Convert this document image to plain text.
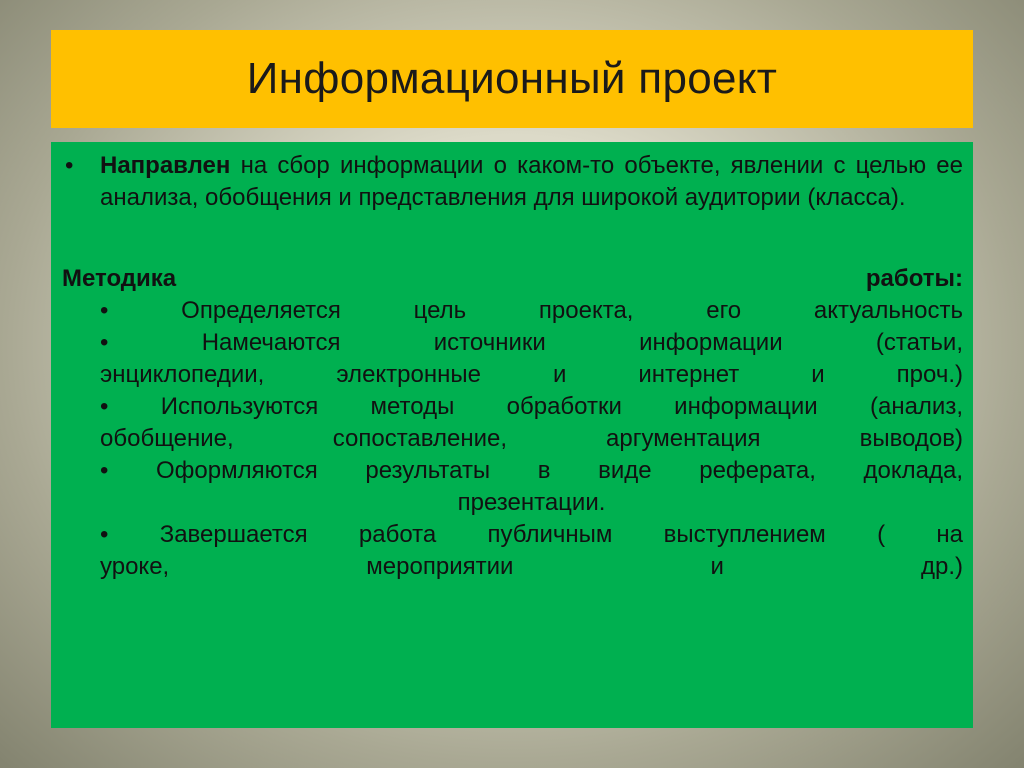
Информационный проект
• Направлен на сбор информации о каком-то объекте, явлении с целью ее анализа, обобщения и представления для широкой аудитории (класса).
Методика	работы:
• Определяется цель проекта, его актуальность
• Намечаются источники информации (статьи,
энциклопедии, электронные и интернет и проч.)
• Используются методы обработки информации (анализ,
обобщение, сопоставление, аргументация выводов)
• Оформляются результаты в виде реферата, доклада,
презентации.
• Завершается работа публичным выступлением ( на
уроке, мероприятии и др.)
